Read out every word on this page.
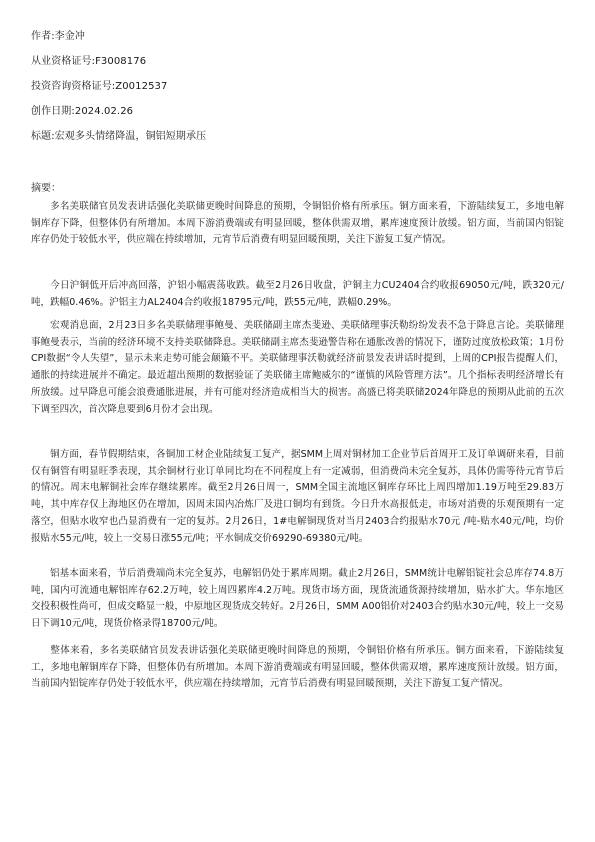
作者:李金冲
从业资格证号:F3008176
投资咨询资格证号:Z0012537
创作日期:2024.02.26
标题:宏观多头情绪降温，铜铝短期承压
摘要：

多名美联储官员发表讲话强化美联储更晚时间降息的预期，令铜铝价格有所承压。铜方面来看，下游陆续复工，多地电解铜库存下降，但整体仍有所增加。本周下游消费端或有明显回暖，整体供需双增，累库速度预计放缓。铝方面，当前国内铝锭库存仍处于较低水平，供应端在持续增加，元宵节后消费有明显回暖预期，关注下游复工复产情况。

今日沪铜低开后冲高回落，沪铝小幅震荡收跌。截至2月26日收盘，沪铜主力CU2404合约收报69050元/吨，跌320元/吨，跌幅0.46%。沪铝主力AL2404合约收报18795元/吨，跌55元/吨，跌幅0.29%。

宏观消息面，2月23日多名美联储理事鲍曼、美联储副主席杰斐逊、美联储理事沃勒纷纷发表不急于降息言论。美联储理事鲍曼表示，当前的经济环境不支持美联储降息。美联储副主席杰斐逊警告称在通胀改善的情况下，谨防过度放松政策；1月份CPI数据“令人失望”，显示未来走势可能会颠簸不平。美联储理事沃勒就经济前景发表讲话时提到，上周的CPI报告提醒人们，通胀的持续进展并不确定。最近超出预期的数据验证了美联储主席鲍威尔的“谨慎的风险管理方法”。几个指标表明经济增长有所放缓。过早降息可能会浪费通胀进展，并有可能对经济造成相当大的损害。高盛已将美联储2024年降息的预期从此前的五次下调至四次，首次降息要到6月份才会出现。

铜方面，春节假期结束，各铜加工材企业陆续复工复产，据SMM上周对铜材加工企业节后首周开工及订单调研来看，目前仅有铜管有明显旺季表现，其余铜材行业订单同比均在不同程度上有一定减弱，但消费尚未完全复苏，具体仍需等待元宵节后的情况。周末电解铜社会库存继续累库。截至2月26日周一，SMM全国主流地区铜库存环比上周四增加1.19万吨至29.83万吨，其中库存仅上海地区仍在增加，因周末国内冶炼厂及进口铜均有到货。今日升水高报低走，市场对消费的乐观预期有一定落空，但贴水收窄也凸显消费有一定的复苏。2月26日，1#电解铜现货对当月2403合约报贴水70元 /吨-贴水40元/吨，均价报贴水55元/吨，较上一交易日涨55元/吨；平水铜成交价69290-69380元/吨。

铝基本面来看，节后消费端尚未完全复苏，电解铝仍处于累库周期。截止2月26日，SMM统计电解铝锭社会总库存74.8万吨，国内可流通电解铝库存62.2万吨，较上周四累库4.2万吨。现货市场方面，现货流通货源持续增加，贴水扩大。华东地区交投积极性尚可，但成交略显一般，中原地区现货成交转好。2月26日，SMM A00铝价对2403合约贴水30元/吨，较上一交易日下调10元/吨，现货价格录得18700元/吨。

整体来看，多名美联储官员发表讲话强化美联储更晚时间降息的预期，令铜铝价格有所承压。铜方面来看，下游陆续复工，多地电解铜库存下降，但整体仍有所增加。本周下游消费端或有明显回暖，整体供需双增，累库速度预计放缓。铝方面，当前国内铝锭库存仍处于较低水平，供应端在持续增加，元宵节后消费有明显回暖预期，关注下游复工复产情况。
